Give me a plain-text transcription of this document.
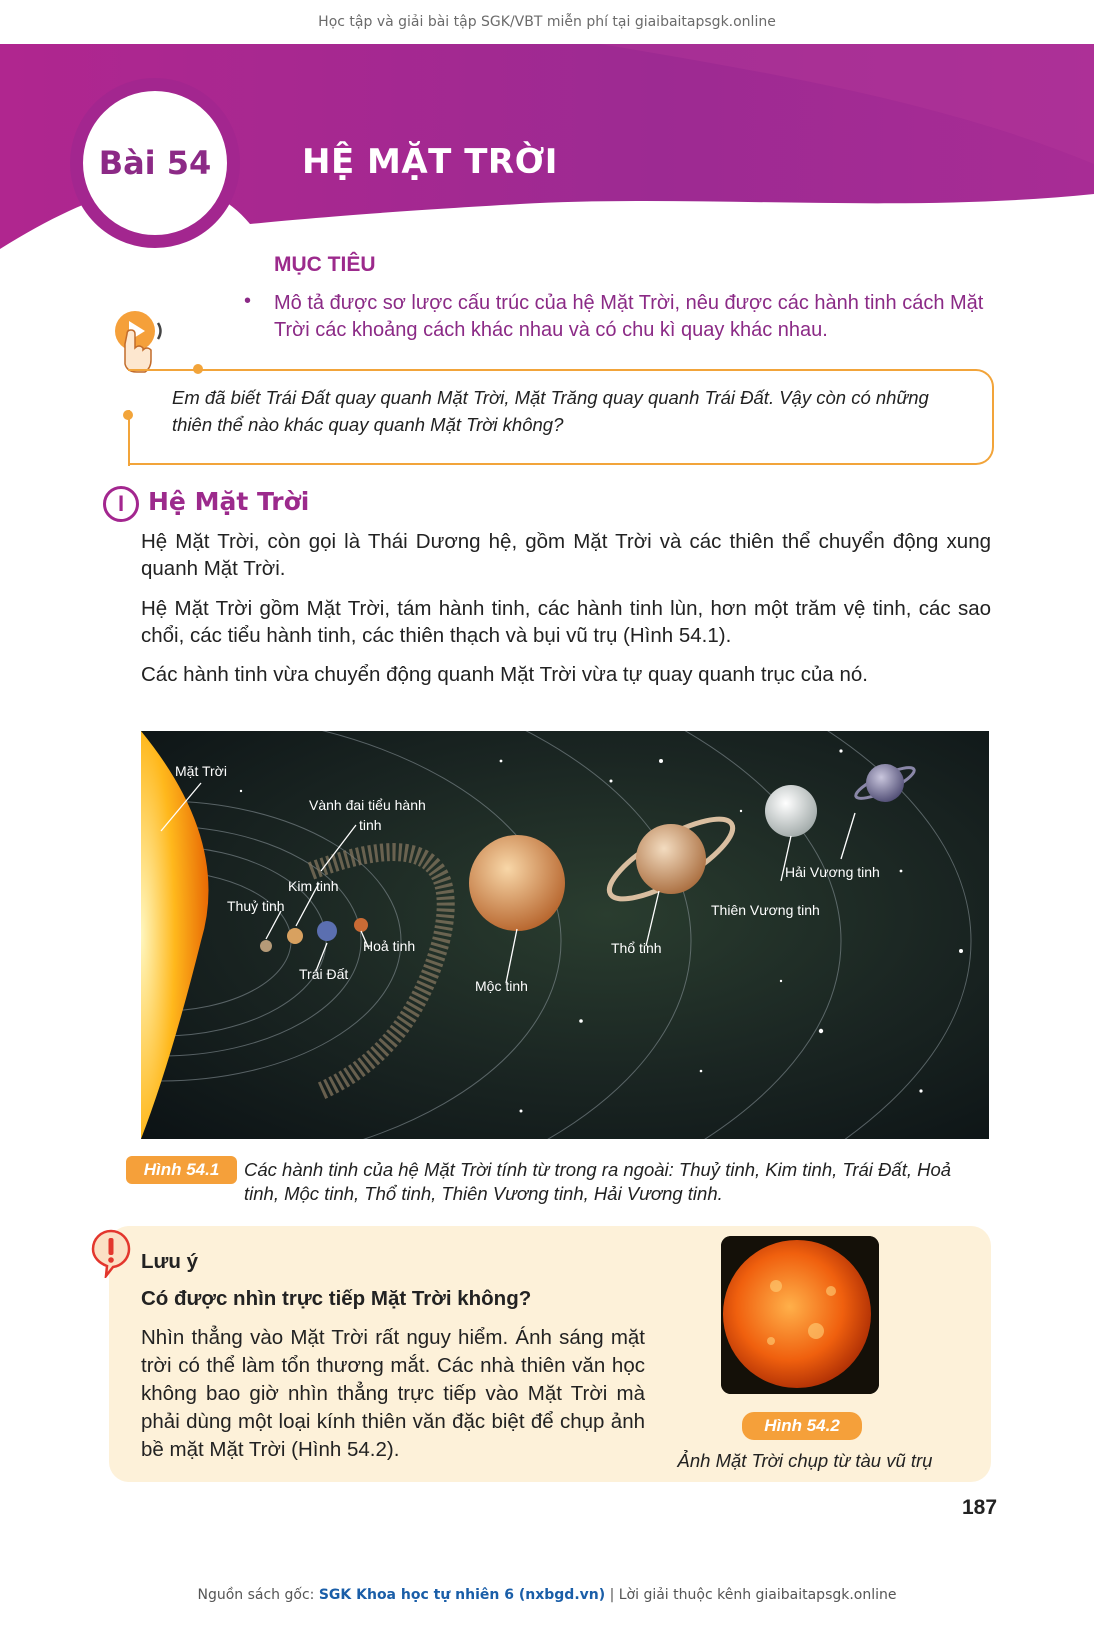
Học tập và giải bài tập SGK/VBT miễn phí tại giaibaitapsgk.online
Bài 54	HỆ MẶT TRỜI
MỤC TIÊU
• Mô tả được sơ lược cấu trúc của hệ Mặt Trời, nêu được các hành tinh cách Mặt Trời các khoảng cách khác nhau và có chu kì quay khác nhau.
Em đã biết Trái Đất quay quanh Mặt Trời, Mặt Trăng quay quanh Trái Đất. Vậy còn có những thiên thể nào khác quay quanh Mặt Trời không?
I Hệ Mặt Trời
Hệ Mặt Trời, còn gọi là Thái Dương hệ, gồm Mặt Trời và các thiên thể chuyển động xung quanh Mặt Trời.
Hệ Mặt Trời gồm Mặt Trời, tám hành tinh, các hành tinh lùn, hơn một trăm vệ tinh, các sao chổi, các tiểu hành tinh, các thiên thạch và bụi vũ trụ (Hình 54.1).
Các hành tinh vừa chuyển động quanh Mặt Trời vừa tự quay quanh trục của nó.
Mặt Trời
Vành đai tiểu hành
tinh
Kim tinh
Thuỷ tinh
Hoả tinh
Trái Đất
Mộc tinh
Thổ tinh
Thiên Vương tinh
Hải Vương tinh
Hình 54.1	Các hành tinh của hệ Mặt Trời tính từ trong ra ngoài: Thuỷ tinh, Kim tinh, Trái Đất, Hoả tinh, Mộc tinh, Thổ tinh, Thiên Vương tinh, Hải Vương tinh.
Lưu ý
Có được nhìn trực tiếp Mặt Trời không?
Nhìn thẳng vào Mặt Trời rất nguy hiểm. Ánh sáng mặt trời có thể làm tổn thương mắt. Các nhà thiên văn học không bao giờ nhìn thẳng trực tiếp vào Mặt Trời mà phải dùng một loại kính thiên văn đặc biệt để chụp ảnh bề mặt Mặt Trời (Hình 54.2).
Hình 54.2
Ảnh Mặt Trời chụp từ tàu vũ trụ
187
Nguồn sách gốc: SGK Khoa học tự nhiên 6 (nxbgd.vn) | Lời giải thuộc kênh giaibaitapsgk.online
